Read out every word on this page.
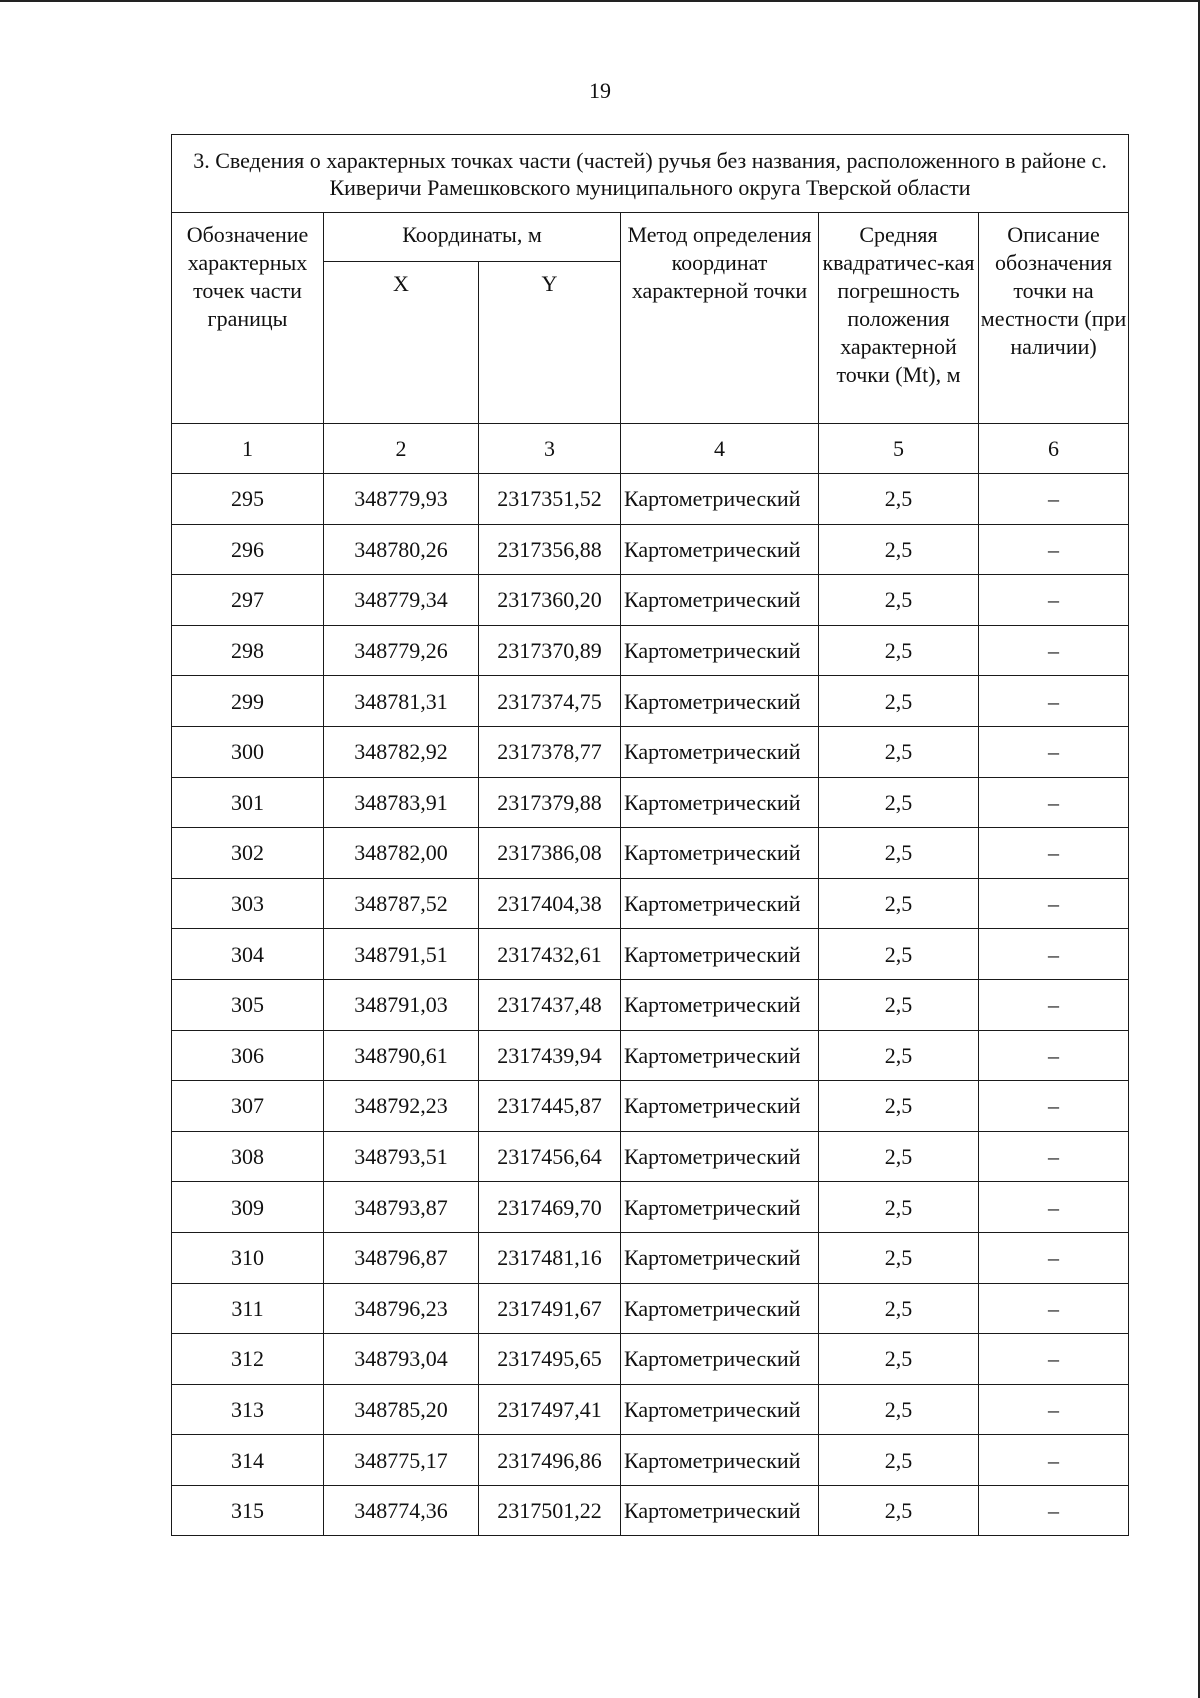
19
3. Сведения о характерных точках части (частей) ручья без названия, расположенного в районе с. Киверичи Рамешковского муниципального округа Тверской области					
Обозначение характерных точек части границы	Координаты, м		Метод определения координат характерной точки	Средняя квадратичес-кая погрешность положения характерной точки (Mt), м	Описание обозначения точки на местности (при наличии)
	X	Y			
1	2	3	4	5	6
295	348779,93	2317351,52	Картометрический	2,5	–
296	348780,26	2317356,88	Картометрический	2,5	–
297	348779,34	2317360,20	Картометрический	2,5	–
298	348779,26	2317370,89	Картометрический	2,5	–
299	348781,31	2317374,75	Картометрический	2,5	–
300	348782,92	2317378,77	Картометрический	2,5	–
301	348783,91	2317379,88	Картометрический	2,5	–
302	348782,00	2317386,08	Картометрический	2,5	–
303	348787,52	2317404,38	Картометрический	2,5	–
304	348791,51	2317432,61	Картометрический	2,5	–
305	348791,03	2317437,48	Картометрический	2,5	–
306	348790,61	2317439,94	Картометрический	2,5	–
307	348792,23	2317445,87	Картометрический	2,5	–
308	348793,51	2317456,64	Картометрический	2,5	–
309	348793,87	2317469,70	Картометрический	2,5	–
310	348796,87	2317481,16	Картометрический	2,5	–
311	348796,23	2317491,67	Картометрический	2,5	–
312	348793,04	2317495,65	Картометрический	2,5	–
313	348785,20	2317497,41	Картометрический	2,5	–
314	348775,17	2317496,86	Картометрический	2,5	–
315	348774,36	2317501,22	Картометрический	2,5	–
